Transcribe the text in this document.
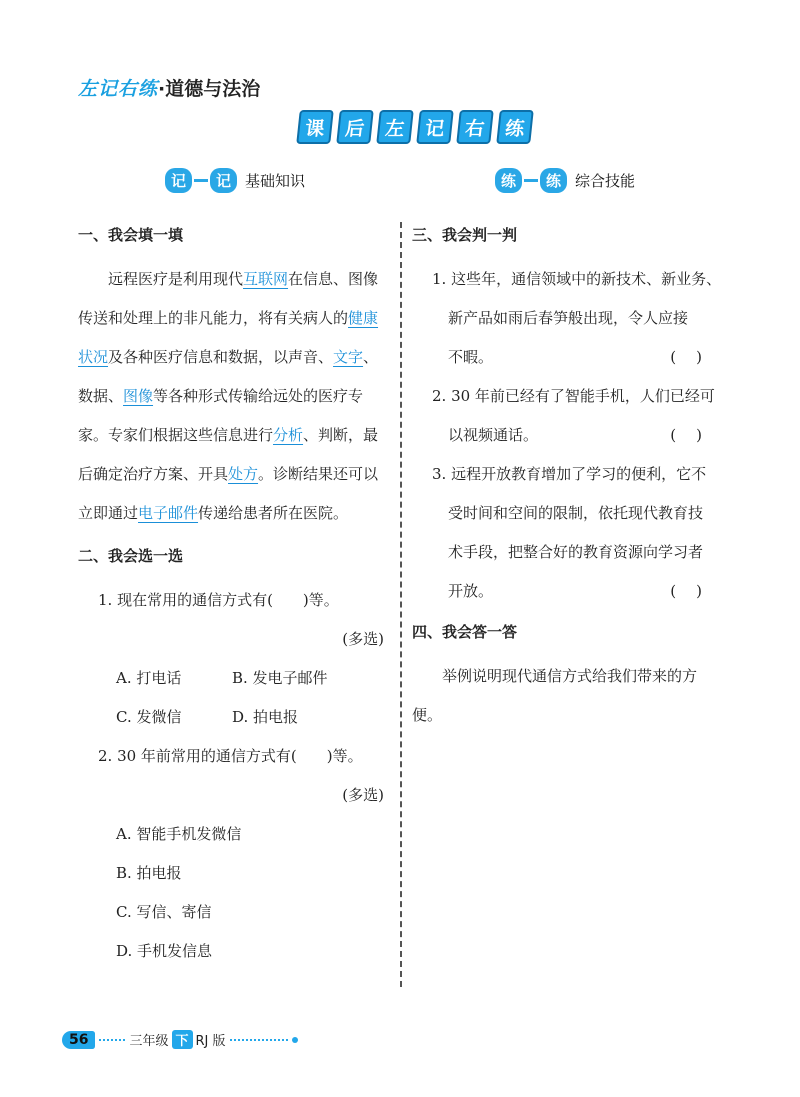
左记右练·道德与法治
课 后 左 记 右 练
记	记 基础知识	练	练 综合技能
一、我会填一填

远程医疗是利用现代互联网在信息、图像传送和处理上的非凡能力，将有关病人的健康状况及各种医疗信息和数据，以声音、文字、数据、图像等各种形式传输给远处的医疗专家。专家们根据这些信息进行分析、判断，最后确定治疗方案、开具处方。诊断结果还可以立即通过电子邮件传递给患者所在医院。

二、我会选一选
1. 现在常用的通信方式有(　　)等。
(多选)
A. 打电话	B. 发电子邮件
C. 发微信	D. 拍电报
2. 30 年前常用的通信方式有(　　)等。
(多选)
A. 智能手机发微信
B. 拍电报
C. 写信、寄信
D. 手机发信息
三、我会判一判
1. 这些年，通信领域中的新技术、新业务、
新产品如雨后春笋般出现，令人应接
不暇。	()
2. 30 年前已经有了智能手机，人们已经可
以视频通话。	()
3. 远程开放教育增加了学习的便利，它不
受时间和空间的限制，依托现代教育技
术手段，把整合好的教育资源向学习者
开放。	()
四、我会答一答

举例说明现代通信方式给我们带来的方便。

56	三年级 下 RJ 版
